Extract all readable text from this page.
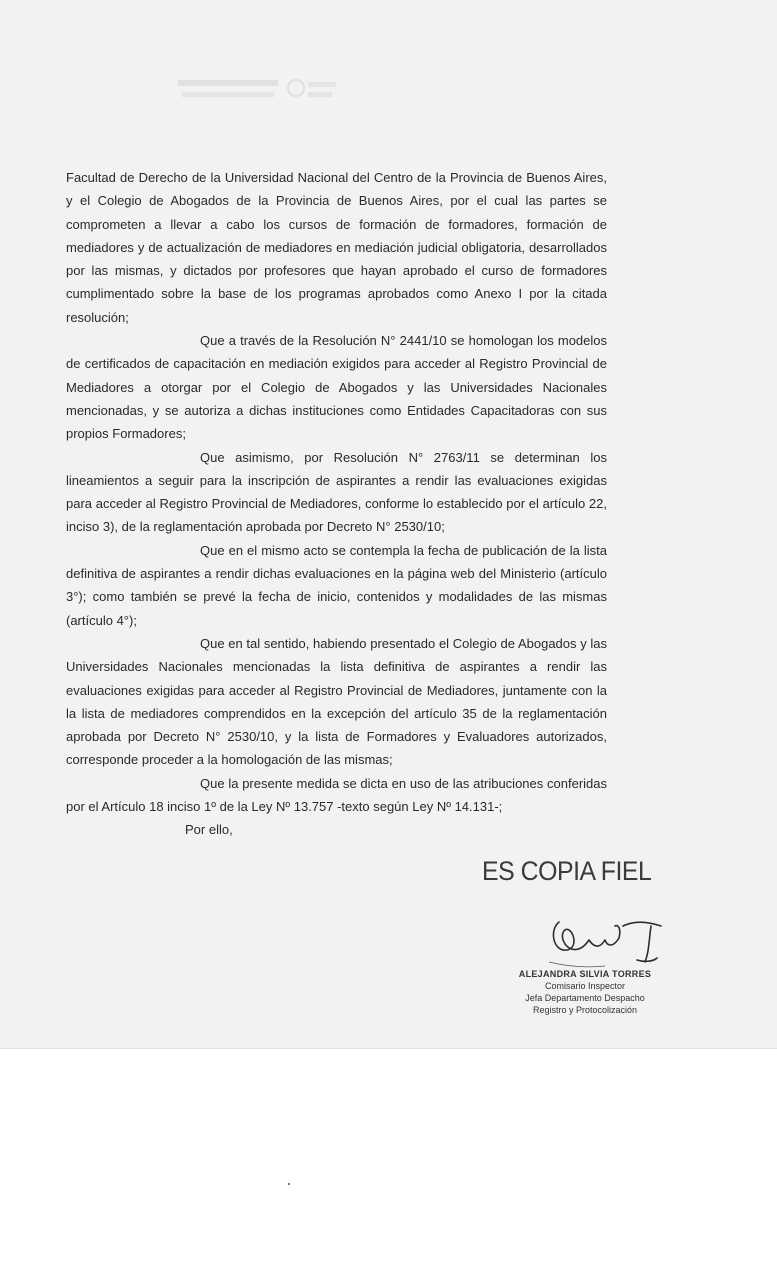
Facultad de Derecho de la Universidad Nacional del Centro de la Provincia de Buenos Aires, y el Colegio de Abogados de la Provincia de Buenos Aires, por el cual las partes se comprometen a llevar a cabo los cursos de formación de formadores, formación de mediadores y de actualización de mediadores en mediación judicial obligatoria, desarrollados por las mismas, y dictados por profesores que hayan aprobado el curso de formadores cumplimentado sobre la base de los programas aprobados como Anexo I por la citada resolución;

Que a través de la Resolución N° 2441/10 se homologan los modelos de certificados de capacitación en mediación exigidos para acceder al Registro Provincial de Mediadores a otorgar por el Colegio de Abogados y las Universidades Nacionales mencionadas, y se autoriza a dichas instituciones como Entidades Capacitadoras con sus propios Formadores;

Que asimismo, por Resolución N° 2763/11 se determinan los lineamientos a seguir para la inscripción de aspirantes a rendir las evaluaciones exigidas para acceder al Registro Provincial de Mediadores, conforme lo establecido por el artículo 22, inciso 3), de la reglamentación aprobada por Decreto N° 2530/10;

Que en el mismo acto se contempla la fecha de publicación de la lista definitiva de aspirantes a rendir dichas evaluaciones en la página web del Ministerio (artículo 3°); como también se prevé la fecha de inicio, contenidos y modalidades de las mismas (artículo 4°);

Que en tal sentido, habiendo presentado el Colegio de Abogados y las Universidades Nacionales mencionadas la lista definitiva de aspirantes a rendir las evaluaciones exigidas para acceder al Registro Provincial de Mediadores, juntamente con la la lista de mediadores comprendidos en la excepción del artículo 35 de la reglamentación aprobada por Decreto N° 2530/10, y la lista de Formadores y Evaluadores autorizados, corresponde proceder a la homologación de las mismas;

Que la presente medida se dicta en uso de las atribuciones conferidas por el Artículo 18 inciso 1º de la Ley Nº 13.757 -texto según Ley Nº 14.131-;

Por ello,

ES COPIA FIEL
ALEJANDRA SILVIA TORRES
Comisario Inspector
Jefa Departamento Despacho
Registro y Protocolización
